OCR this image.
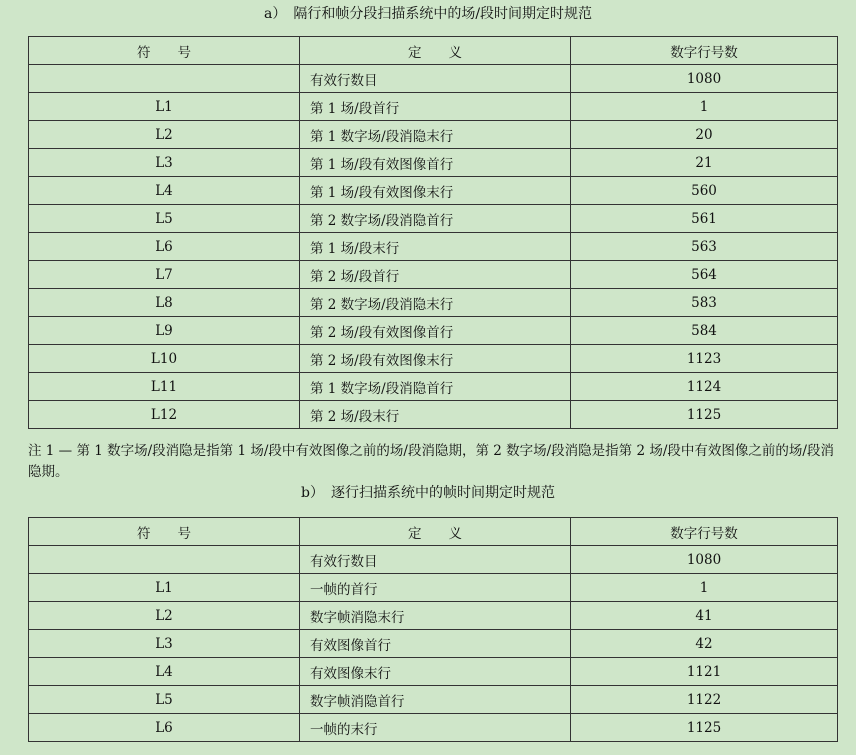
a）　隔行和帧分段扫描系统中的场/段时间期定时规范
符　　号	定　　义	数字行号数
	有效行数目	1080
L1	第 1 场/段首行	1
L2	第 1 数字场/段消隐末行	20
L3	第 1 场/段有效图像首行	21
L4	第 1 场/段有效图像末行	560
L5	第 2 数字场/段消隐首行	561
L6	第 1 场/段末行	563
L7	第 2 场/段首行	564
L8	第 2 数字场/段消隐末行	583
L9	第 2 场/段有效图像首行	584
L10	第 2 场/段有效图像末行	1123
L11	第 1 数字场/段消隐首行	1124
L12	第 2 场/段末行	1125
注 1 — 第 1 数字场/段消隐是指第 1 场/段中有效图像之前的场/段消隐期，第 2 数字场/段消隐是指第 2 场/段中有效图像之前的场/段消隐期。
b）　逐行扫描系统中的帧时间期定时规范
符　　号	定　　义	数字行号数
	有效行数目	1080
L1	一帧的首行	1
L2	数字帧消隐末行	41
L3	有效图像首行	42
L4	有效图像末行	1121
L5	数字帧消隐首行	1122
L6	一帧的末行	1125
